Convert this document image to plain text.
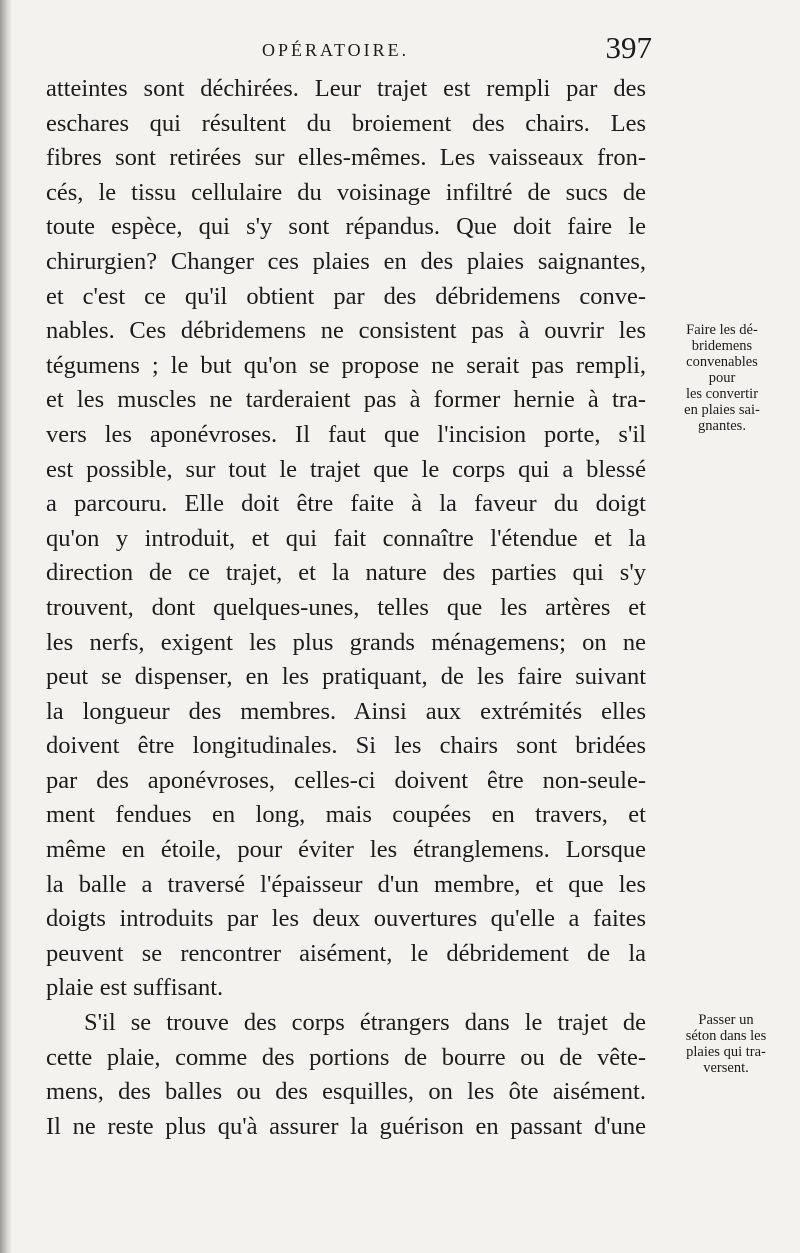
OPÉRATOIRE.	397
atteintes sont déchirées. Leur trajet est rempli par des
eschares qui résultent du broiement des chairs. Les
fibres sont retirées sur elles-mêmes. Les vaisseaux fron-
cés, le tissu cellulaire du voisinage infiltré de sucs de
toute espèce, qui s'y sont répandus. Que doit faire le
chirurgien? Changer ces plaies en des plaies saignantes,
et c'est ce qu'il obtient par des débridemens conve-
nables. Ces débridemens ne consistent pas à ouvrir les
tégumens ; le but qu'on se propose ne serait pas rempli,
et les muscles ne tarderaient pas à former hernie à tra-
vers les aponévroses. Il faut que l'incision porte, s'il
est possible, sur tout le trajet que le corps qui a blessé
a parcouru. Elle doit être faite à la faveur du doigt
qu'on y introduit, et qui fait connaître l'étendue et la
direction de ce trajet, et la nature des parties qui s'y
trouvent, dont quelques-unes, telles que les artères et
les nerfs, exigent les plus grands ménagemens; on ne
peut se dispenser, en les pratiquant, de les faire suivant
la longueur des membres. Ainsi aux extrémités elles
doivent être longitudinales. Si les chairs sont bridées
par des aponévroses, celles-ci doivent être non-seule-
ment fendues en long, mais coupées en travers, et
même en étoile, pour éviter les étranglemens. Lorsque
la balle a traversé l'épaisseur d'un membre, et que les
doigts introduits par les deux ouvertures qu'elle a faites
peuvent se rencontrer aisément, le débridement de la
plaie est suffisant.
S'il se trouve des corps étrangers dans le trajet de
cette plaie, comme des portions de bourre ou de vête-
mens, des balles ou des esquilles, on les ôte aisément.
Il ne reste plus qu'à assurer la guérison en passant d'une
Faire les dé-
bridemens
convenables
pour
les convertir
en plaies sai-
gnantes.
Passer un
séton dans les
plaies qui tra-
versent.
